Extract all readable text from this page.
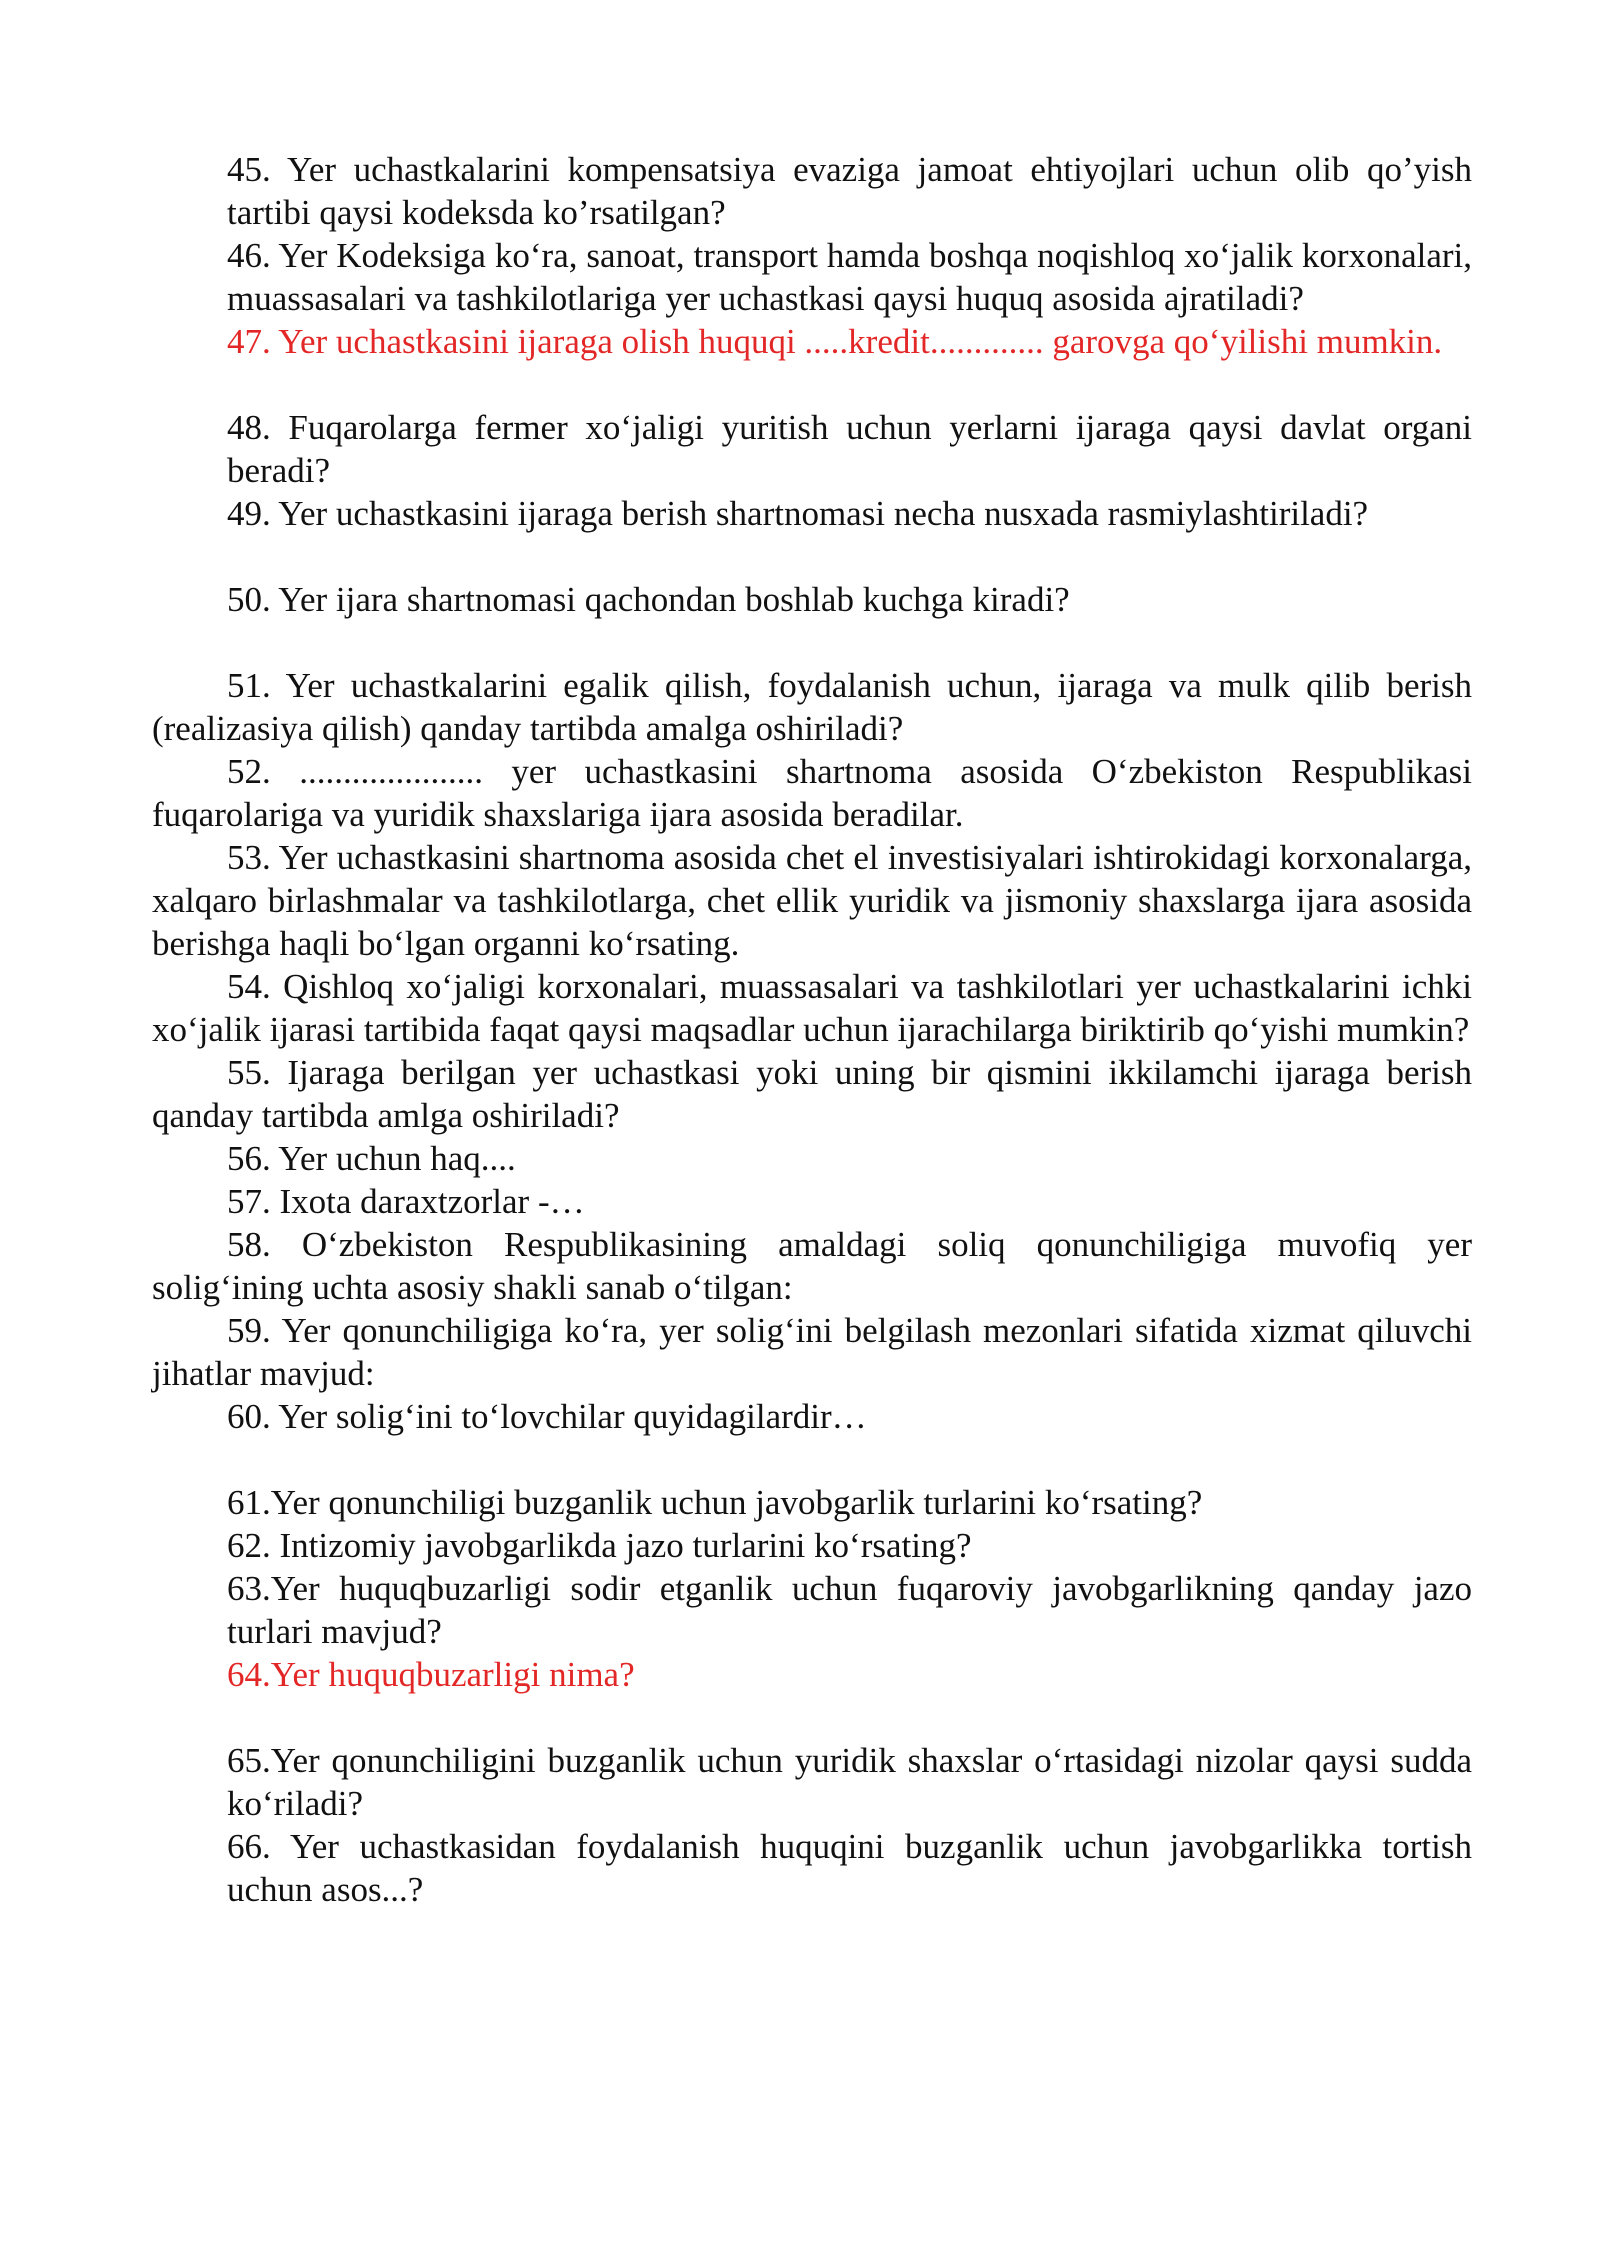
45. Yer uchastkalarini kompensatsiya evaziga jamoat ehtiyojlari uchun olib qo’yish tartibi qaysi kodeksda ko’rsatilgan?

46. Yer Kodeksiga ko‘ra, sanoat, transport hamda boshqa noqishloq xo‘jalik korxonalari, muassasalari va tashkilotlariga yer uchastkasi qaysi huquq asosida ajratiladi?

47. Yer uchastkasini ijaraga olish huquqi .....kredit............. garovga qo‘yilishi mumkin.

48. Fuqarolarga fermer xo‘jaligi yuritish uchun yerlarni ijaraga qaysi davlat organi beradi?

49. Yer uchastkasini ijaraga berish shartnomasi necha nusxada rasmiylashtiriladi?

50. Yer ijara shartnomasi qachondan boshlab kuchga kiradi?

51. Yer uchastkalarini egalik qilish, foydalanish uchun, ijaraga va mulk qilib berish (realizasiya qilish) qanday tartibda amalga oshiriladi?

52. ..................... yer uchastkasini shartnoma asosida O‘zbekiston Respublikasi fuqarolariga va yuridik shaxslariga ijara asosida beradilar.

53. Yer uchastkasini shartnoma asosida chet el investisiyalari ishtirokidagi korxonalarga, xalqaro birlashmalar va tashkilotlarga, chet ellik yuridik va jismoniy shaxslarga ijara asosida berishga haqli bo‘lgan organni ko‘rsating.

54. Qishloq xo‘jaligi korxonalari, muassasalari va tashkilotlari yer uchastkalarini ichki xo‘jalik ijarasi tartibida faqat qaysi maqsadlar uchun ijarachilarga biriktirib qo‘yishi mumkin?

55. Ijaraga berilgan yer uchastkasi yoki uning bir qismini ikkilamchi ijaraga berish qanday tartibda amlga oshiriladi?

56. Yer uchun haq....

57. Ixota daraxtzorlar -…

58. O‘zbekiston Respublikasining amaldagi soliq qonunchiligiga muvofiq yer solig‘ining uchta asosiy shakli sanab o‘tilgan:

59. Yer qonunchiligiga ko‘ra, yer solig‘ini belgilash mezonlari sifatida xizmat qiluvchi jihatlar mavjud:

60. Yer solig‘ini to‘lovchilar quyidagilardir…

61.Yer qonunchiligi buzganlik uchun javobgarlik turlarini ko‘rsating?

62. Intizomiy javobgarlikda jazo turlarini ko‘rsating?

63.Yer huquqbuzarligi sodir etganlik uchun fuqaroviy javobgarlikning qanday jazo turlari mavjud?

64.Yer huquqbuzarligi nima?

65.Yer qonunchiligini buzganlik uchun yuridik shaxslar o‘rtasidagi nizolar qaysi sudda ko‘riladi?

66. Yer uchastkasidan foydalanish huquqini buzganlik uchun javobgarlikka tortish uchun asos...?
